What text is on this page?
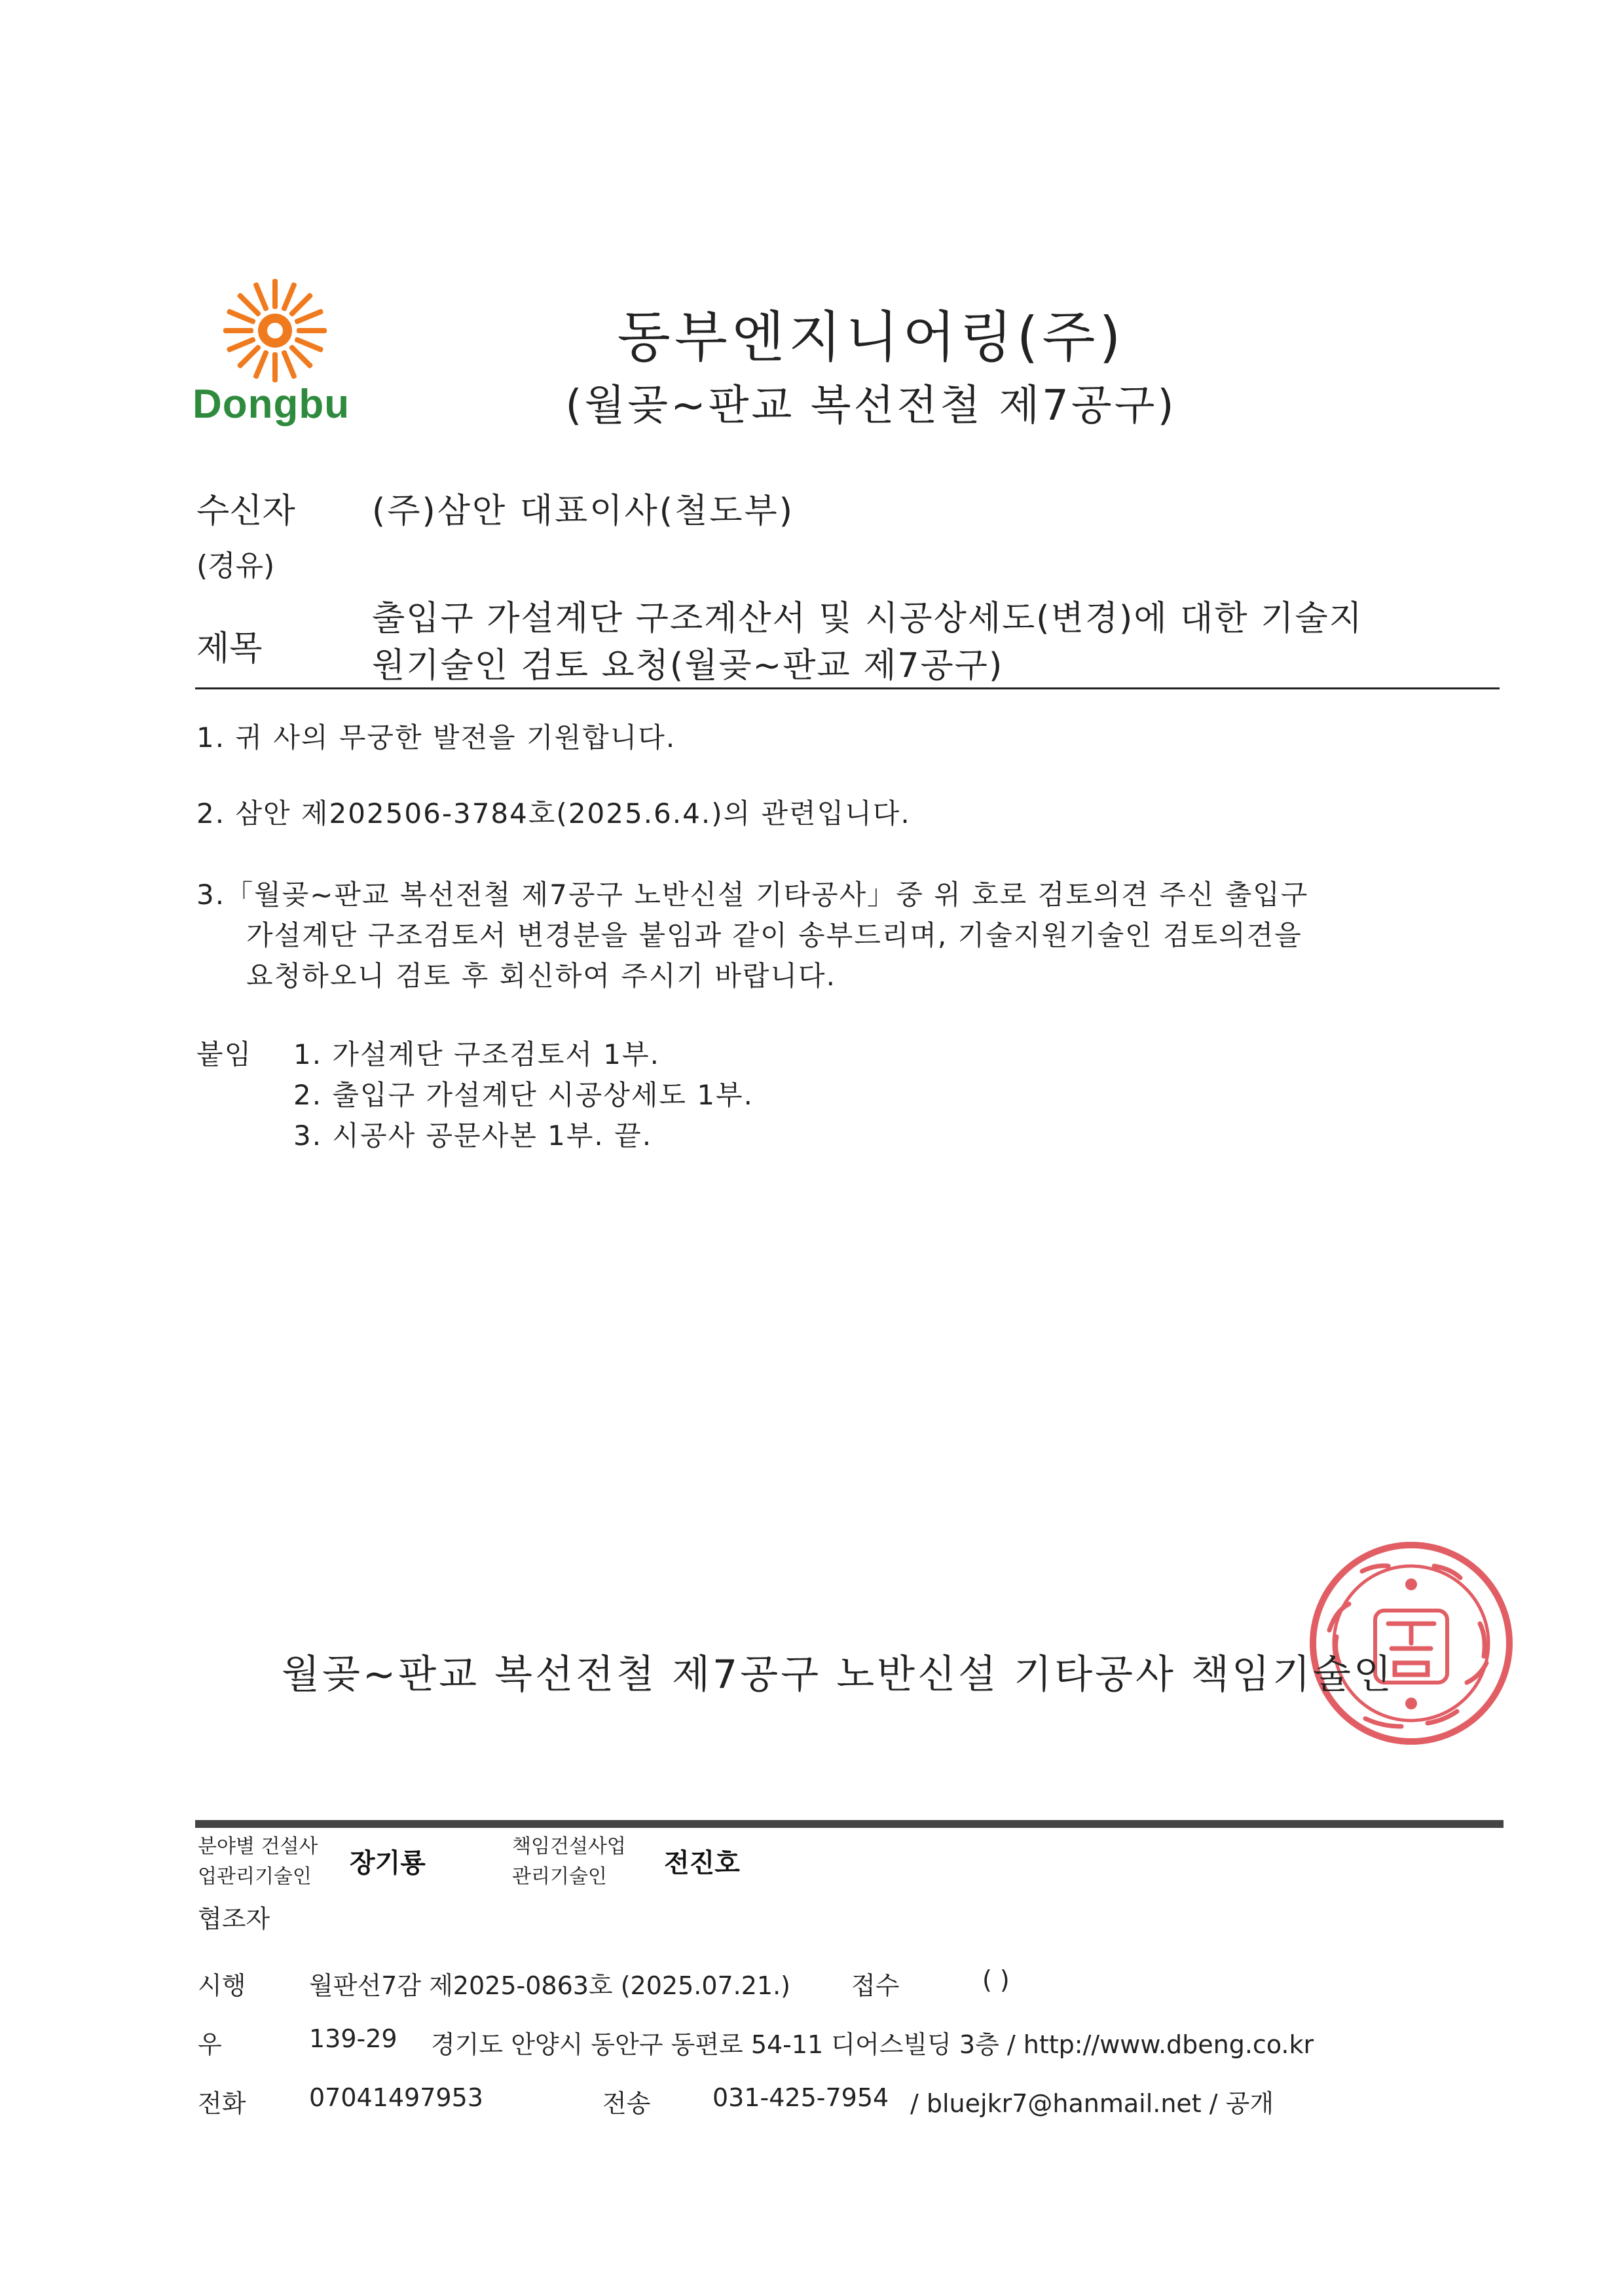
Dongbu
동부엔지니어링(주)
(월곶~판교 복선전철 제7공구)
수신자 (주)삼안 대표이사(철도부)
(경유)
제목
출입구 가설계단 구조계산서 및 시공상세도(변경)에 대한 기술지
원기술인 검토 요청(월곶~판교 제7공구)
1. 귀 사의 무궁한 발전을 기원합니다.
2. 삼안 제202506-3784호(2025.6.4.)의 관련입니다.
3.「월곶~판교 복선전철 제7공구 노반신설 기타공사」중 위 호로 검토의견 주신 출입구
가설계단 구조검토서 변경분을 붙임과 같이 송부드리며, 기술지원기술인 검토의견을
요청하오니 검토 후 회신하여 주시기 바랍니다.
붙임 1. 가설계단 구조검토서 1부.
2. 출입구 가설계단 시공상세도 1부.
3. 시공사 공문사본 1부. 끝.
월곶~판교 복선전철 제7공구 노반신설 기타공사 책임기술인
분야별 건설사
업관리기술인 장기룡
책임건설사업
관리기술인	전진호
협조자
시행	월판선7감 제2025-0863호 (2025.07.21.) 접수	( )
우	139-29 경기도 안양시 동안구 동편로 54-11 디어스빌딩 3층 / http://www.dbeng.co.kr
전화	07041497953	전송 031-425-7954 / bluejkr7@hanmail.net / 공개
